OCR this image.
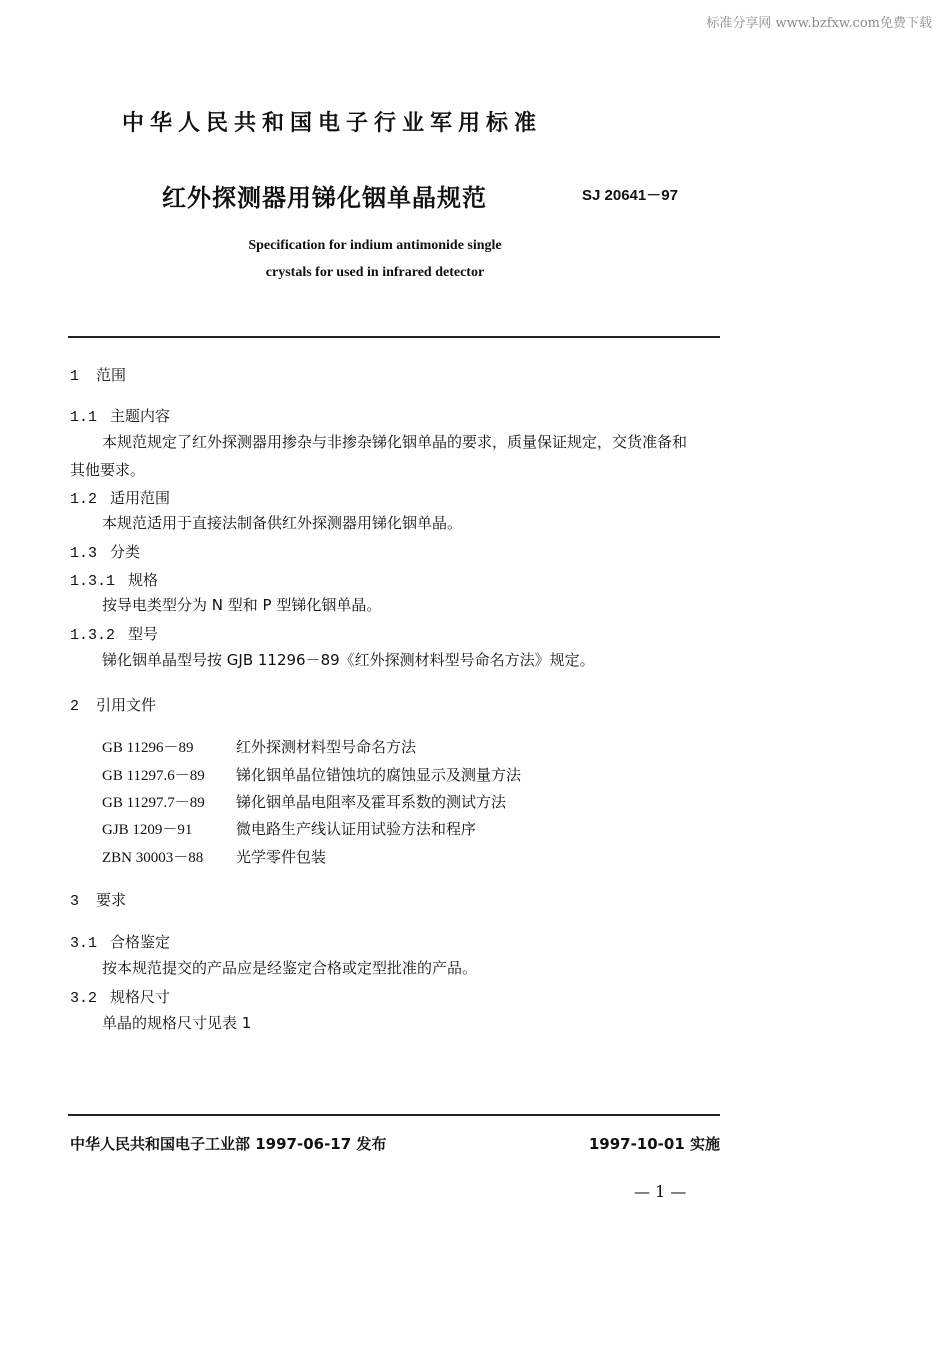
标准分享网 www.bzfxw.com免费下载
中华人民共和国电子行业军用标准
红外探测器用锑化铟单晶规范	SJ 20641－97
Specification for indium antimonide single
crystals for used in infrared detector
1 范围
1.1 主题内容
本规范规定了红外探测器用掺杂与非掺杂锑化铟单晶的要求，质量保证规定，交货准备和
其他要求。
1.2 适用范围
本规范适用于直接法制备供红外探测器用锑化铟单晶。
1.3 分类
1.3.1 规格
按导电类型分为 N 型和 P 型锑化铟单晶。
1.3.2 型号
锑化铟单晶型号按 GJB 11296－89《红外探测材料型号命名方法》规定。
2 引用文件
GB 11296－89	红外探测材料型号命名方法
GB 11297.6－89 锑化铟单晶位错蚀坑的腐蚀显示及测量方法
GB 11297.7－89 锑化铟单晶电阻率及霍耳系数的测试方法
GJB 1209－91	微电路生产线认证用试验方法和程序
ZBN 30003－88 光学零件包装
3 要求
3.1 合格鉴定
按本规范提交的产品应是经鉴定合格或定型批准的产品。
3.2 规格尺寸
单晶的规格尺寸见表 1
中华人民共和国电子工业部 1997-06-17 发布	1997-10-01 实施
— 1 —
